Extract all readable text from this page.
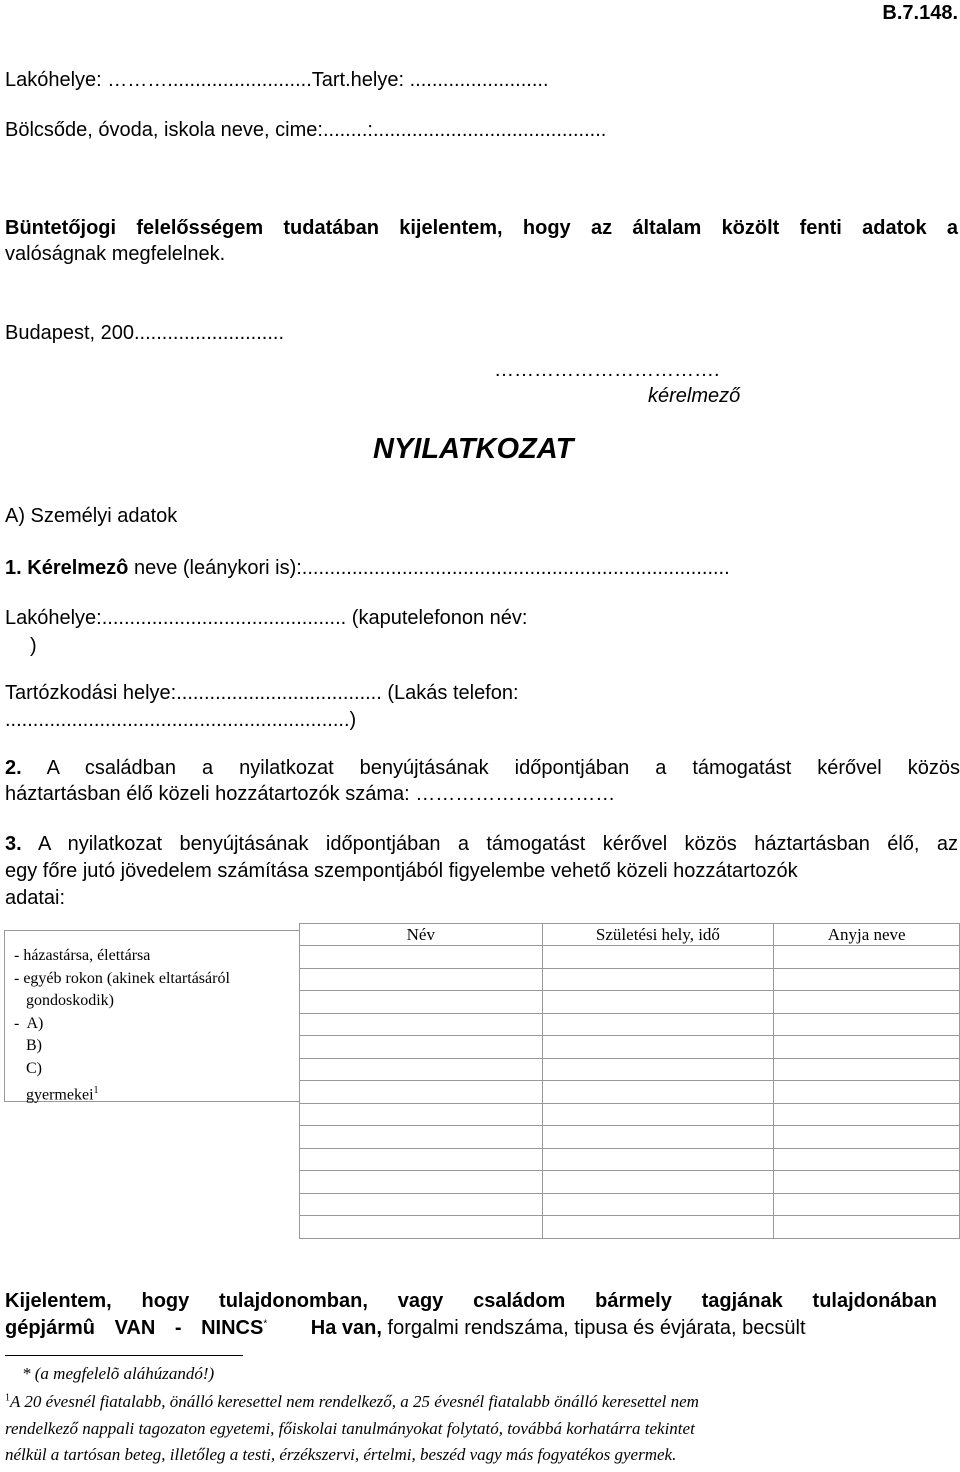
B.7.148.
Lakóhelye: ………..........................Tart.helye: .........................
Bölcsőde, óvoda, iskola neve, cime:........:..........................................
Büntetőjogi felelősségem tudatában kijelentem, hogy az általam közölt fenti adatok a
valóságnak megfelelnek.
Budapest, 200...........................
…………………………….
kérelmező
NYILATKOZAT
A) Személyi adatok
1. Kérelmezô neve (leánykori is):.............................................................................
Lakóhelye:............................................ (kaputelefonon név:
)
Tartózkodási helye:..................................... (Lakás telefon:
..............................................................)
2. A családban a nyilatkozat benyújtásának időpontjában a támogatást kérővel közös
háztartásban élő közeli hozzátartozók száma: …………………………
3. A nyilatkozat benyújtásának időpontjában a támogatást kérővel közös háztartásban élő, az
egy főre jutó jövedelem számítása szempontjából figyelembe vehető közeli hozzátartozók
adatai:
- házastársa, élettársa
- egyéb rokon (akinek eltartásáról
gondoskodik)
-  A)
B)
C)
gyermekei$^1$
Név	Születési hely, idő	Anyja neve

Kijelentem, hogy tulajdonomban, vagy családom bármely tagjának tulajdonában
gépjármû VAN - NINCS* Ha van, forgalmi rendszáma, tipusa és évjárata, becsült
* (a megfelelõ aláhúzandó!)
$^1$A 20 évesnél fiatalabb, önálló keresettel nem rendelkező, a 25 évesnél fiatalabb önálló keresettel nem
rendelkező nappali tagozaton egyetemi, főiskolai tanulmányokat folytató, továbbá korhatárra tekintet
nélkül a tartósan beteg, illetőleg a testi, érzékszervi, értelmi, beszéd vagy más fogyatékos gyermek.
